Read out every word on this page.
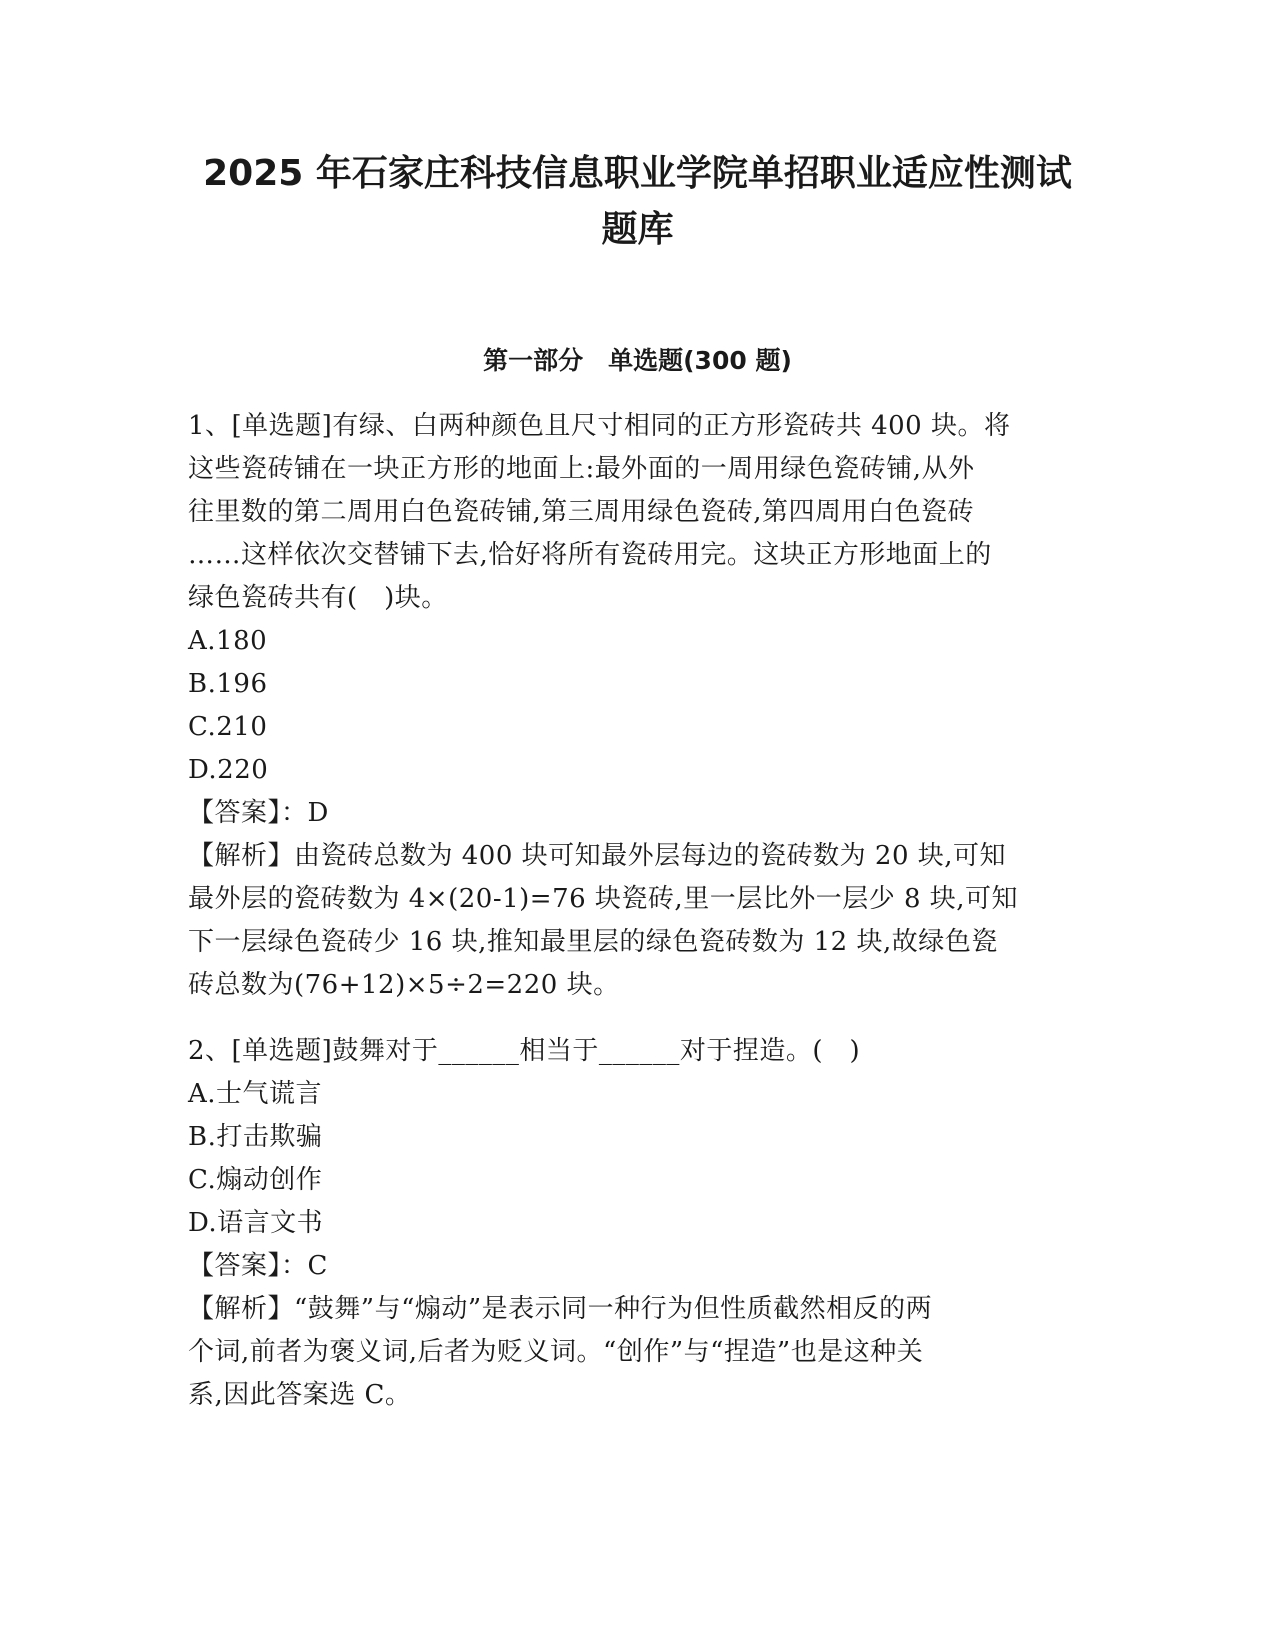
2025 年石家庄科技信息职业学院单招职业适应性测试
题库
第一部分　单选题(300 题)
1、[单选题]有绿、白两种颜色且尺寸相同的正方形瓷砖共 400 块。将
这些瓷砖铺在一块正方形的地面上:最外面的一周用绿色瓷砖铺,从外
往里数的第二周用白色瓷砖铺,第三周用绿色瓷砖,第四周用白色瓷砖
……这样依次交替铺下去,恰好将所有瓷砖用完。这块正方形地面上的
绿色瓷砖共有(　)块。
A.180
B.196
C.210
D.220
【答案】：D
【解析】由瓷砖总数为 400 块可知最外层每边的瓷砖数为 20 块,可知
最外层的瓷砖数为 4×(20-1)=76 块瓷砖,里一层比外一层少 8 块,可知
下一层绿色瓷砖少 16 块,推知最里层的绿色瓷砖数为 12 块,故绿色瓷
砖总数为(76+12)×5÷2=220 块。
2、[单选题]鼓舞对于______相当于______对于捏造。(　)
A.士气谎言
B.打击欺骗
C.煽动创作
D.语言文书
【答案】：C
【解析】“鼓舞”与“煽动”是表示同一种行为但性质截然相反的两
个词,前者为褒义词,后者为贬义词。“创作”与“捏造”也是这种关
系,因此答案选 C。
